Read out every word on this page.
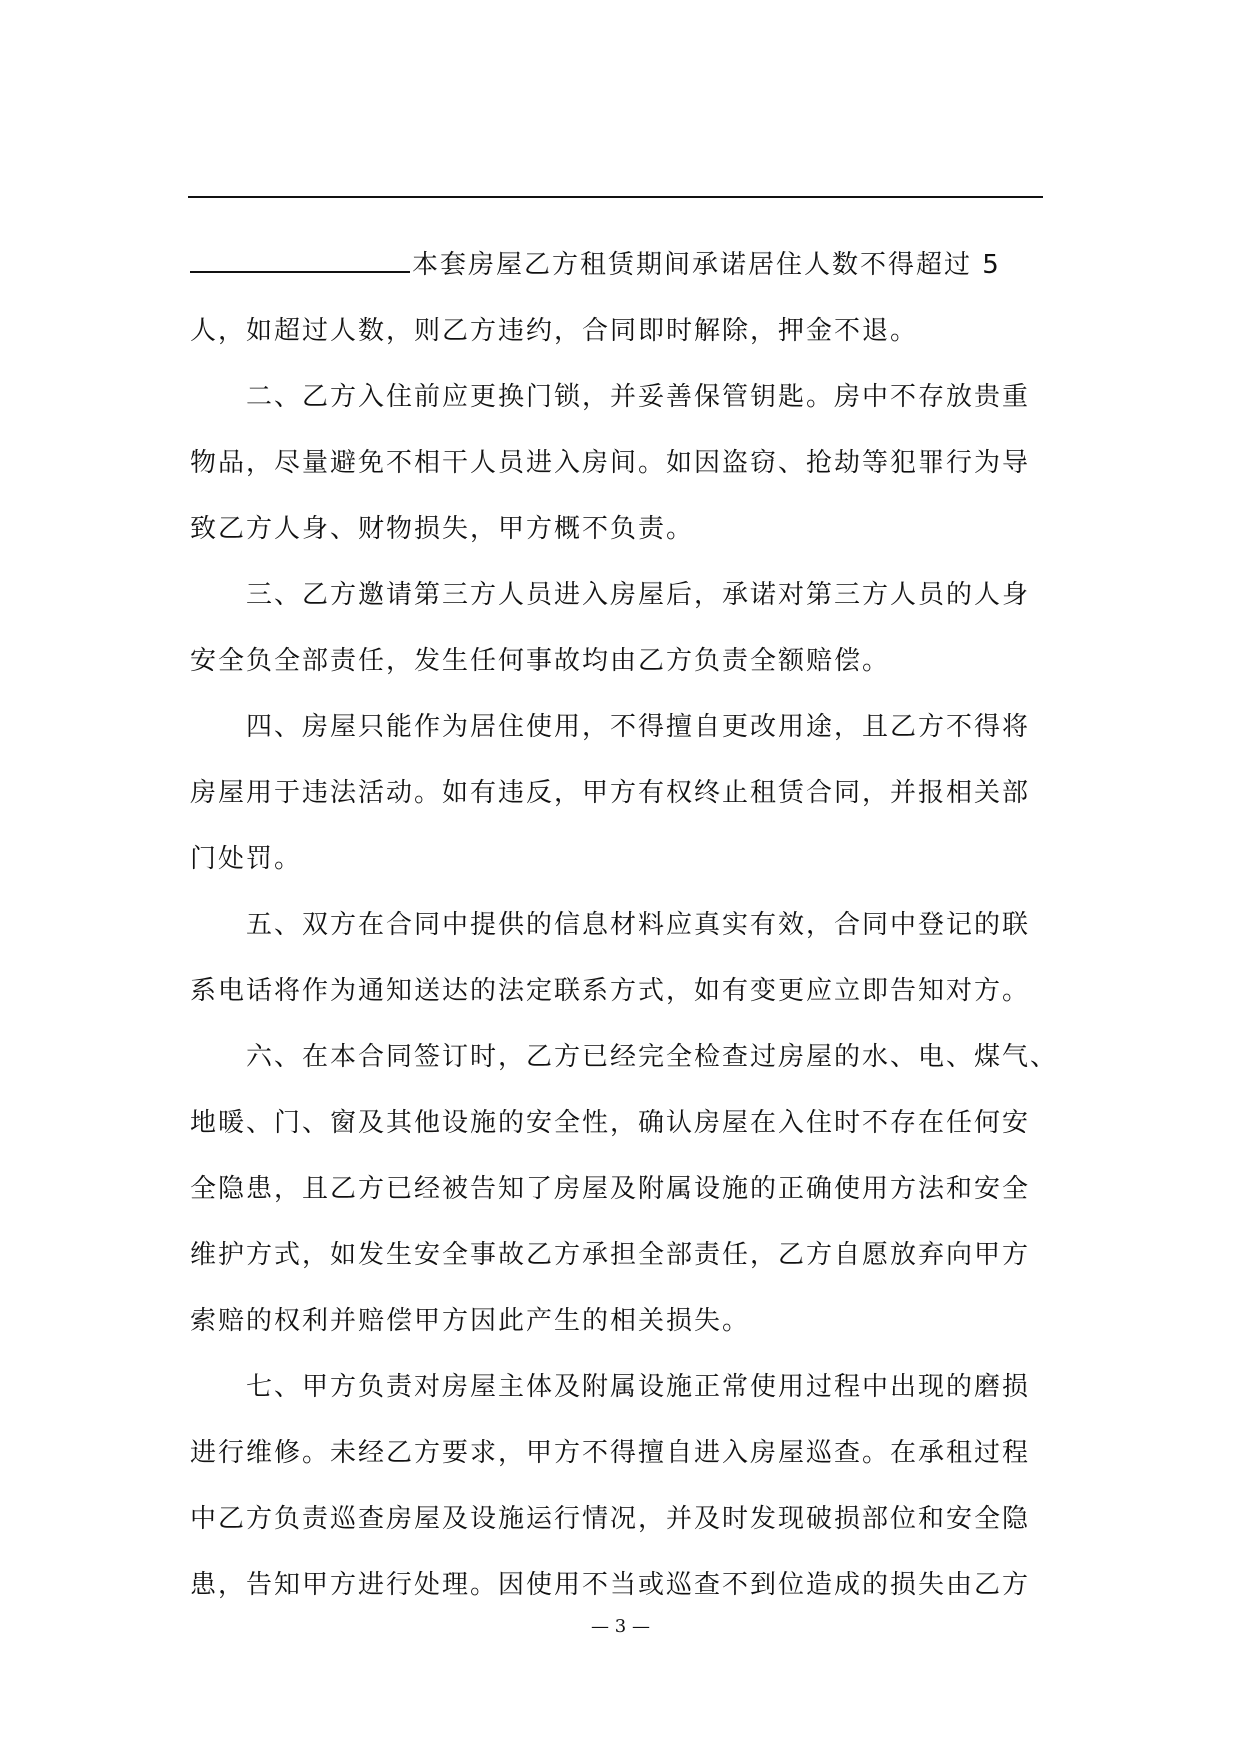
本套房屋乙方租赁期间承诺居住人数不得超过 5
人，如超过人数，则乙方违约，合同即时解除，押金不退。

二、乙方入住前应更换门锁，并妥善保管钥匙。房中不存放贵重
物品，尽量避免不相干人员进入房间。如因盗窃、抢劫等犯罪行为导
致乙方人身、财物损失，甲方概不负责。

三、乙方邀请第三方人员进入房屋后，承诺对第三方人员的人身
安全负全部责任，发生任何事故均由乙方负责全额赔偿。

四、房屋只能作为居住使用，不得擅自更改用途，且乙方不得将
房屋用于违法活动。如有违反，甲方有权终止租赁合同，并报相关部
门处罚。

五、双方在合同中提供的信息材料应真实有效，合同中登记的联
系电话将作为通知送达的法定联系方式，如有变更应立即告知对方。

六、在本合同签订时，乙方已经完全检查过房屋的水、电、煤气、
地暖、门、窗及其他设施的安全性，确认房屋在入住时不存在任何安
全隐患，且乙方已经被告知了房屋及附属设施的正确使用方法和安全
维护方式，如发生安全事故乙方承担全部责任，乙方自愿放弃向甲方
索赔的权利并赔偿甲方因此产生的相关损失。

七、甲方负责对房屋主体及附属设施正常使用过程中出现的磨损
进行维修。未经乙方要求，甲方不得擅自进入房屋巡查。在承租过程
中乙方负责巡查房屋及设施运行情况，并及时发现破损部位和安全隐
患，告知甲方进行处理。因使用不当或巡查不到位造成的损失由乙方

— 3 —
